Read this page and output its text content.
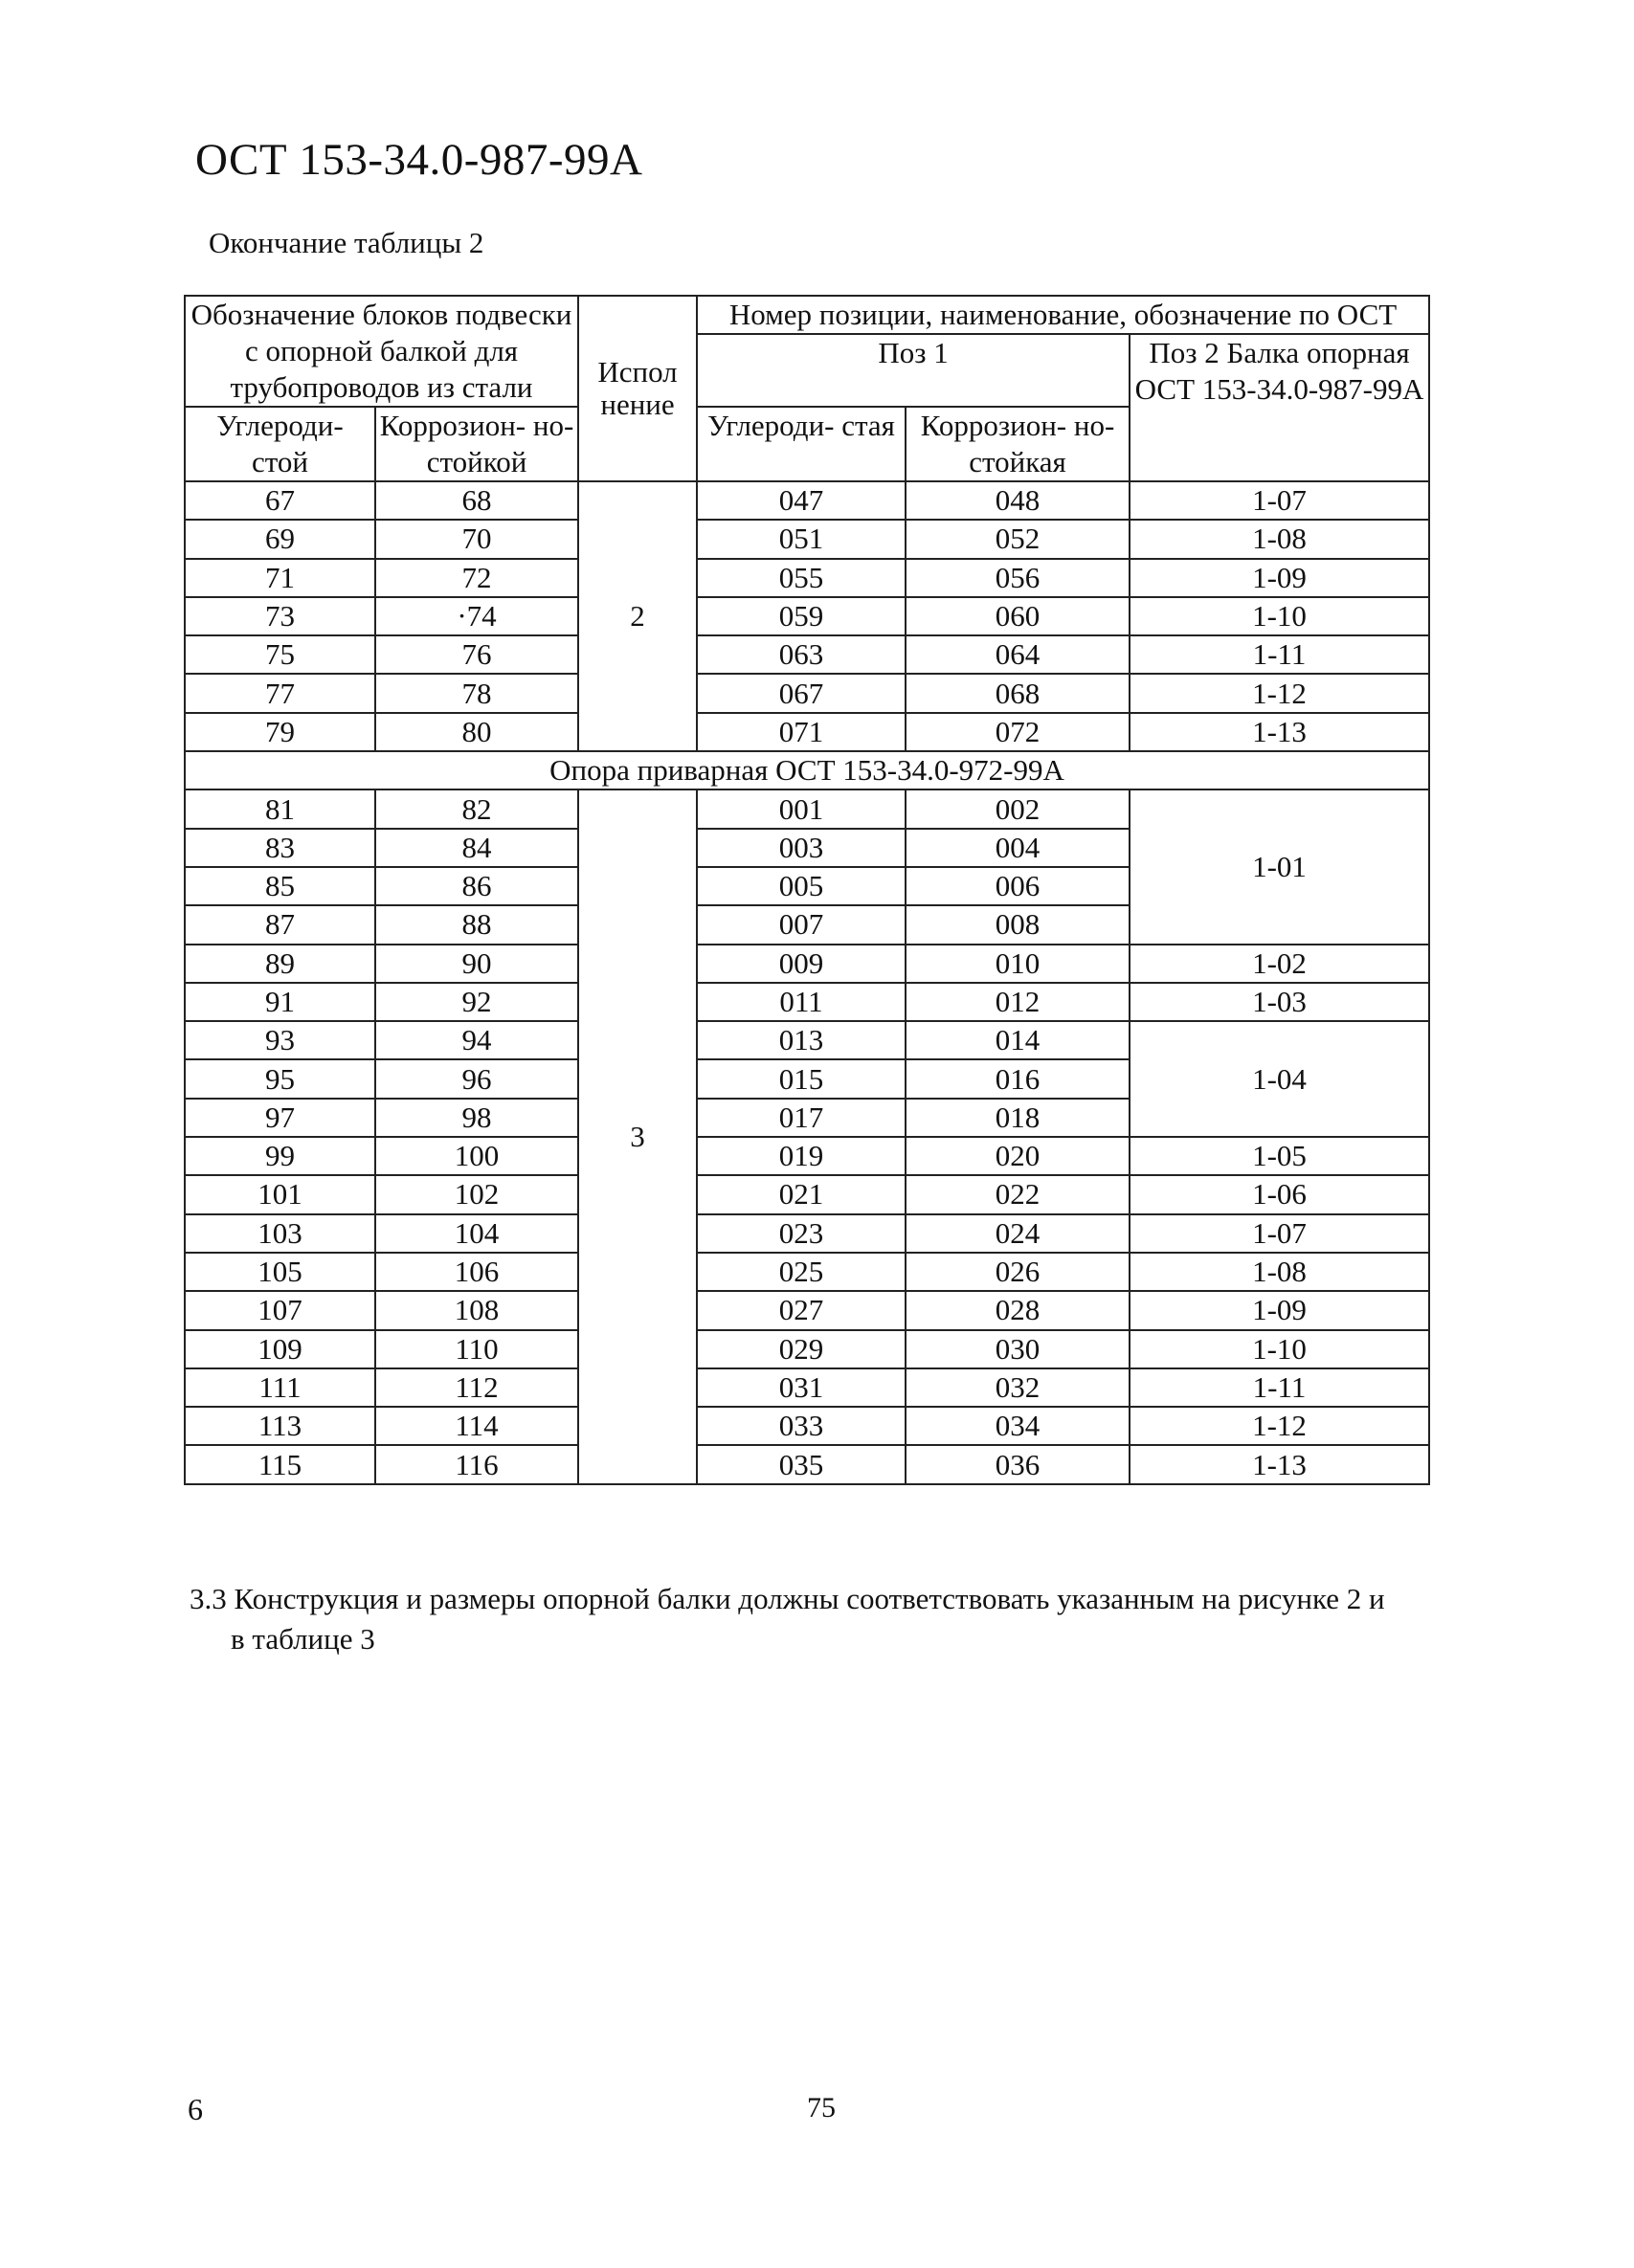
ОСТ 153-34.0-987-99А
Окончание таблицы 2
Обозначение блоков подвески с опорной балкой для трубопроводов из стали		Испол нение	Номер позиции, наименование, обозначение по ОСТ		

			Поз 1		Поз 2 Балка опорная ОСТ 153-34.0-987-99А

Углероди- стой	Коррозион- но-стойкой		Углероди- стая	Коррозион- но-стойкая	

67	68	2	047	048	1-07
69	70		051	052	1-08
71	72		055	056	1-09
73	·74		059	060	1-10
75	76		063	064	1-11
77	78		067	068	1-12
79	80		071	072	1-13
Опора приварная ОСТ 153-34.0-972-99А					
81	82	3	001	002	1-01
83	84		003	004	
85	86		005	006	
87	88		007	008	
89	90		009	010	1-02
91	92		011	012	1-03
93	94		013	014	1-04
95	96		015	016	
97	98		017	018	
99	100		019	020	1-05
101	102		021	022	1-06
103	104		023	024	1-07
105	106		025	026	1-08
107	108		027	028	1-09
109	110		029	030	1-10
111	112		031	032	1-11
113	114		033	034	1-12
115	116		035	036	1-13
3.3 Конструкция и размеры опорной балки должны соответствовать указанным на рисунке 2 и
в таблице 3
6	75
